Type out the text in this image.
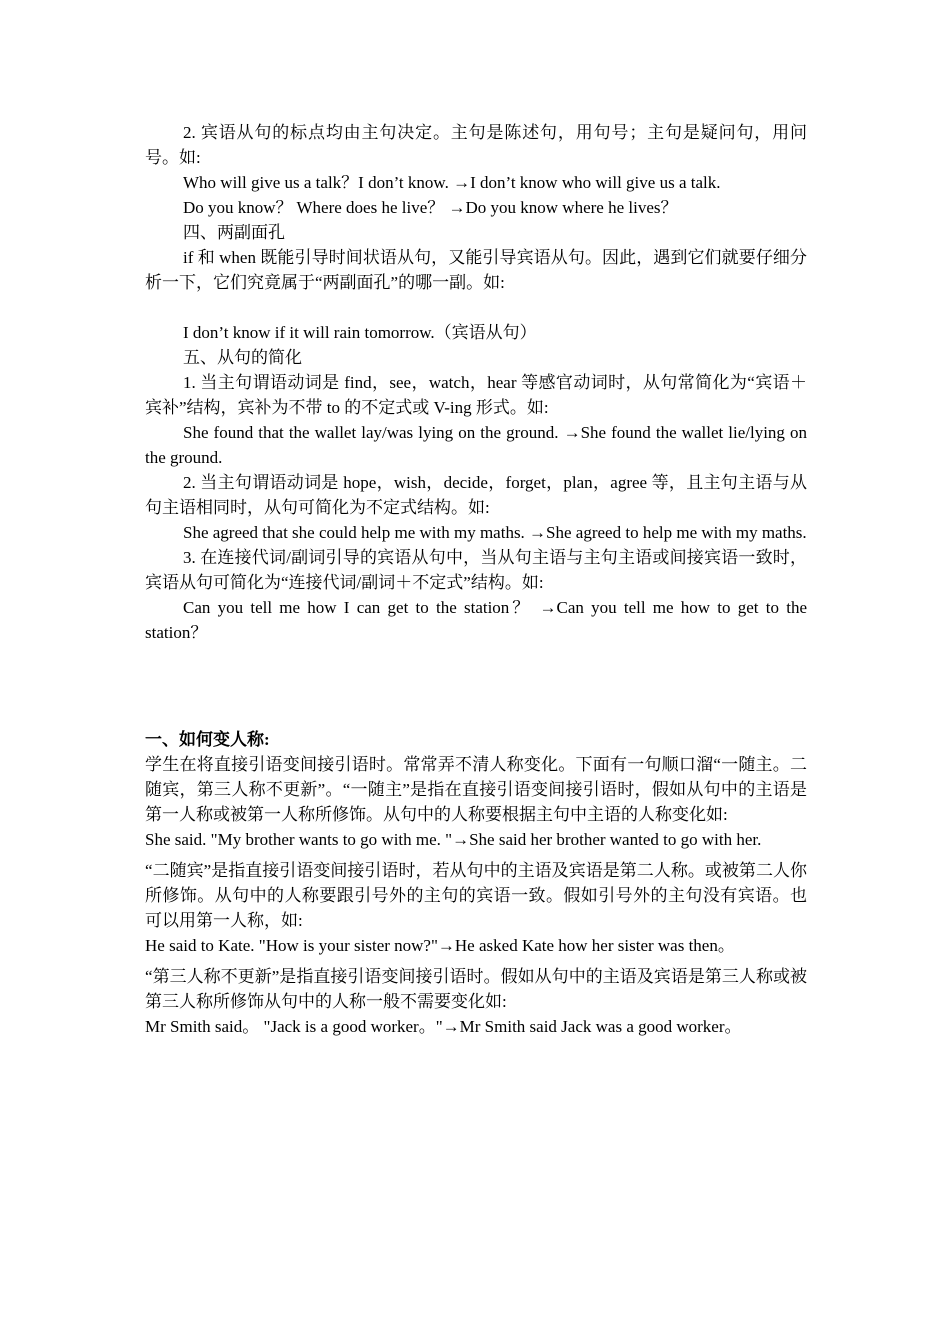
2. 宾语从句的标点均由主句决定。主句是陈述句，用句号；主句是疑问句，用问号。如:

Who will give us a talk？I don’t know. →I don’t know who will give us a talk.

Do you know？ Where does he live？ →Do you know where he lives？

四、两副面孔

if 和 when 既能引导时间状语从句，又能引导宾语从句。因此，遇到它们就要仔细分析一下，它们究竟属于“两副面孔”的哪一副。如:

I don’t know if it will rain tomorrow.（宾语从句）

五、从句的简化

1. 当主句谓语动词是 find，see，watch，hear 等感官动词时，从句常简化为“宾语＋宾补”结构，宾补为不带 to 的不定式或 V-ing 形式。如:

She found that the wallet lay/was lying on the ground. →She found the wallet lie/lying on the ground.

2. 当主句谓语动词是 hope，wish，decide，forget，plan，agree 等，且主句主语与从句主语相同时，从句可简化为不定式结构。如:

She agreed that she could help me with my maths. →She agreed to help me with my maths.

3. 在连接代词/副词引导的宾语从句中，当从句主语与主句主语或间接宾语一致时，宾语从句可简化为“连接代词/副词＋不定式”结构。如:

Can you tell me how I can get to the station？ →Can you tell me how to get to the station？

一、如何变人称:

学生在将直接引语变间接引语时。常常弄不清人称变化。下面有一句顺口溜“一随主。二随宾，第三人称不更新”。“一随主”是指在直接引语变间接引语时，假如从句中的主语是第一人称或被第一人称所修饰。从句中的人称要根据主句中主语的人称变化如:

She said. "My brother wants to go with me. "→She said her brother wanted to go with her.

“二随宾”是指直接引语变间接引语时，若从句中的主语及宾语是第二人称。或被第二人你所修饰。从句中的人称要跟引号外的主句的宾语一致。假如引号外的主句没有宾语。也可以用第一人称，如:

He said to Kate. "How is your sister now?"→He asked Kate how her sister was then。

“第三人称不更新”是指直接引语变间接引语时。假如从句中的主语及宾语是第三人称或被第三人称所修饰从句中的人称一般不需要变化如:

Mr Smith said。 "Jack is a good worker。"→Mr Smith said Jack was a good worker。
